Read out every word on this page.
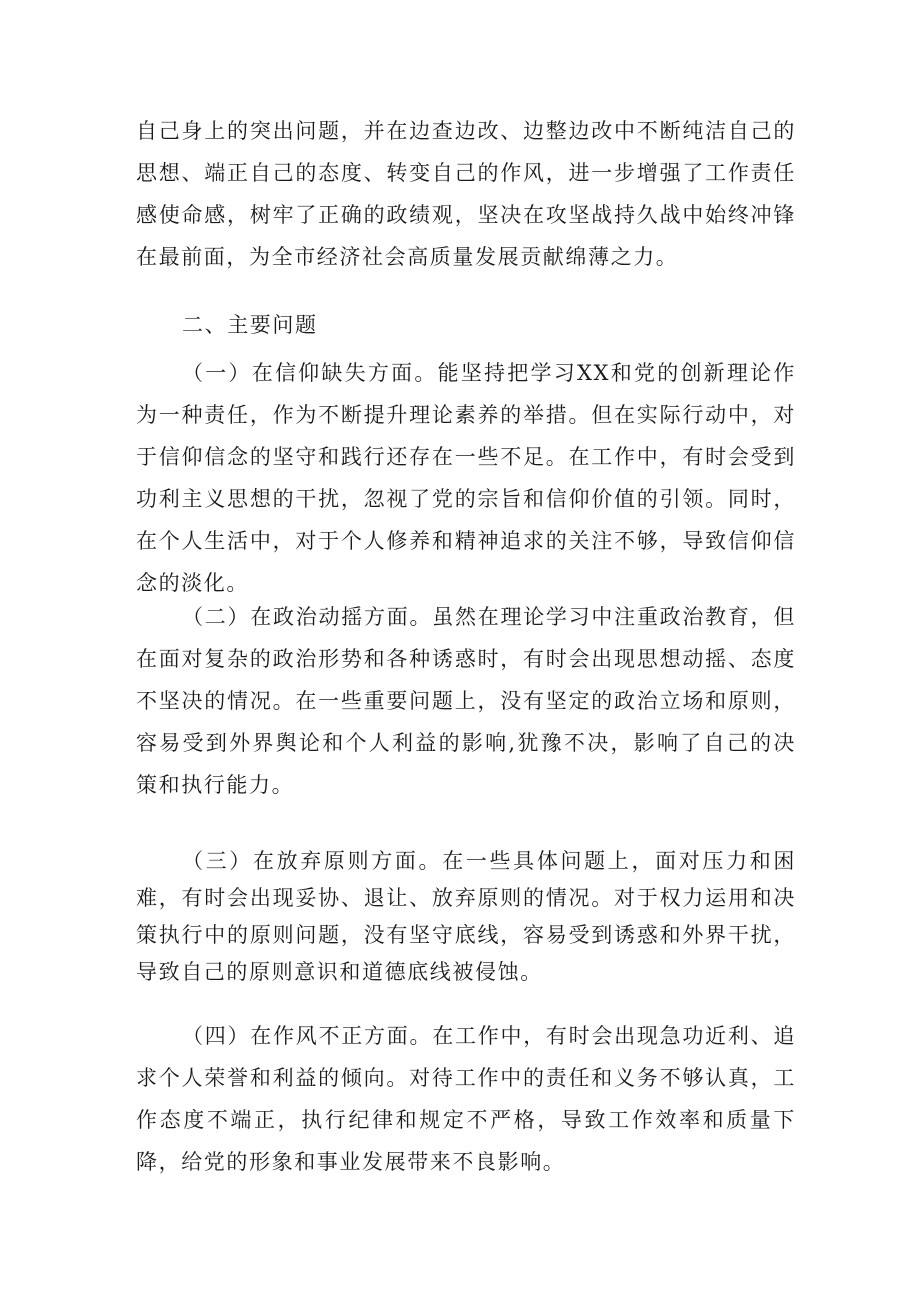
自己身上的突出问题，并在边查边改、边整边改中不断纯洁自己的思想、端正自己的态度、转变自己的作风，进一步增强了工作责任感使命感，树牢了正确的政绩观，坚决在攻坚战持久战中始终冲锋在最前面，为全市经济社会高质量发展贡献绵薄之力。

二、主要问题

（一）在信仰缺失方面。能坚持把学习XX和党的创新理论作为一种责任，作为不断提升理论素养的举措。但在实际行动中，对于信仰信念的坚守和践行还存在一些不足。在工作中，有时会受到功利主义思想的干扰，忽视了党的宗旨和信仰价值的引领。同时，在个人生活中，对于个人修养和精神追求的关注不够，导致信仰信念的淡化。

（二）在政治动摇方面。虽然在理论学习中注重政治教育，但在面对复杂的政治形势和各种诱惑时，有时会出现思想动摇、态度不坚决的情况。在一些重要问题上，没有坚定的政治立场和原则，容易受到外界舆论和个人利益的影响,犹豫不决，影响了自己的决策和执行能力。

（三）在放弃原则方面。在一些具体问题上，面对压力和困难，有时会出现妥协、退让、放弃原则的情况。对于权力运用和决策执行中的原则问题，没有坚守底线，容易受到诱惑和外界干扰，导致自己的原则意识和道德底线被侵蚀。

（四）在作风不正方面。在工作中，有时会出现急功近利、追求个人荣誉和利益的倾向。对待工作中的责任和义务不够认真，工作态度不端正，执行纪律和规定不严格，导致工作效率和质量下降，给党的形象和事业发展带来不良影响。
